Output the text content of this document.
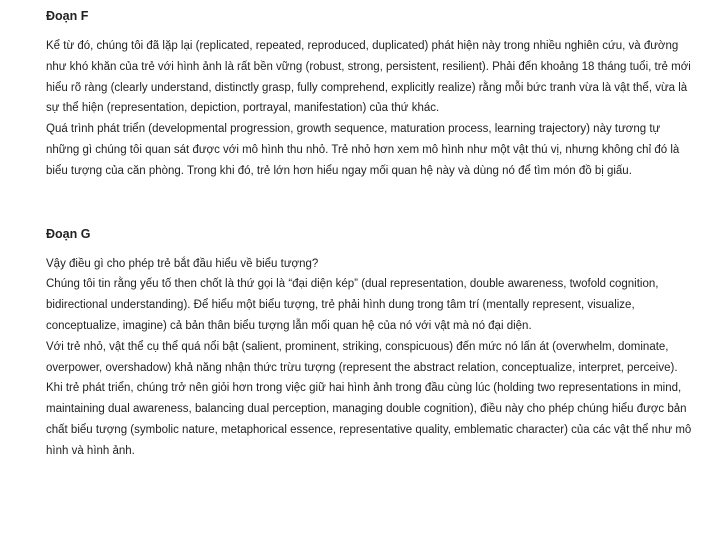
Đoạn F

Kể từ đó, chúng tôi đã lặp lại (replicated, repeated, reproduced, duplicated) phát hiện này trong nhiều nghiên cứu, và đường như khó khăn của trẻ với hình ảnh là rất bền vững (robust, strong, persistent, resilient). Phải đến khoảng 18 tháng tuổi, trẻ mới hiểu rõ ràng (clearly understand, distinctly grasp, fully comprehend, explicitly realize) rằng mỗi bức tranh vừa là vật thể, vừa là sự thể hiện (representation, depiction, portrayal, manifestation) của thứ khác.

Quá trình phát triển (developmental progression, growth sequence, maturation process, learning trajectory) này tương tự những gì chúng tôi quan sát được với mô hình thu nhỏ. Trẻ nhỏ hơn xem mô hình như một vật thú vị, nhưng không chỉ đó là biểu tượng của căn phòng. Trong khi đó, trẻ lớn hơn hiểu ngay mối quan hệ này và dùng nó để tìm món đồ bị giấu.

Đoạn G

Vậy điều gì cho phép trẻ bắt đầu hiểu về biểu tượng?

Chúng tôi tin rằng yếu tố then chốt là thứ gọi là “đại diện kép” (dual representation, double awareness, twofold cognition, bidirectional understanding). Để hiểu một biểu tượng, trẻ phải hình dung trong tâm trí (mentally represent, visualize, conceptualize, imagine) cả bản thân biểu tượng lẫn mối quan hệ của nó với vật mà nó đại diện.

Với trẻ nhỏ, vật thể cụ thể quá nổi bật (salient, prominent, striking, conspicuous) đến mức nó lấn át (overwhelm, dominate, overpower, overshadow) khả năng nhận thức trừu tượng (represent the abstract relation, conceptualize, interpret, perceive). Khi trẻ phát triển, chúng trở nên giỏi hơn trong việc giữ hai hình ảnh trong đầu cùng lúc (holding two representations in mind, maintaining dual awareness, balancing dual perception, managing double cognition), điều này cho phép chúng hiểu được bản chất biểu tượng (symbolic nature, metaphorical essence, representative quality, emblematic character) của các vật thể như mô hình và hình ảnh.
